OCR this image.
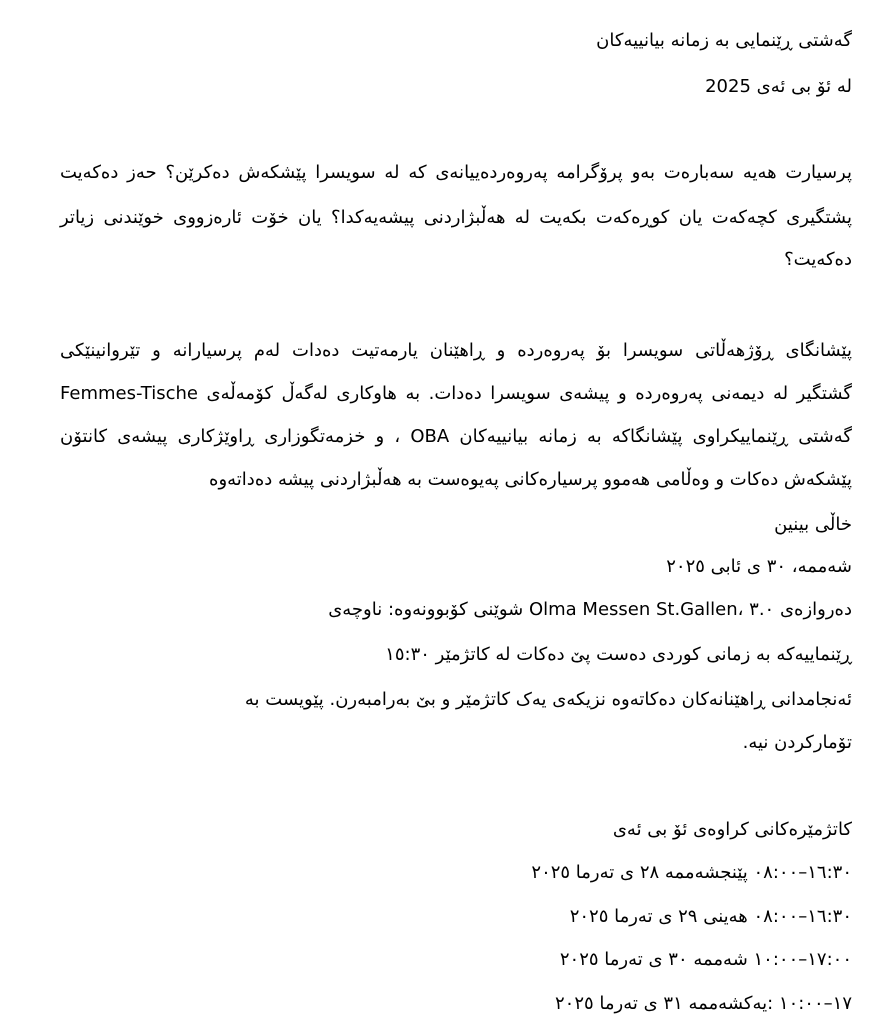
گەشتی ڕێنمایی بە زمانە بیانییەکان

لە ئۆ بی ئەی 2025

پرسیارت هەیە سەبارەت بەو پرۆگرامە پەروەردەییانەی کە لە سویسرا پێشکەش دەکرێن؟ حەز دەکەیت

پشتگیری کچەکەت یان کوڕەکەت بکەیت لە هەڵبژاردنی پیشەیەکدا؟ یان خۆت ئارەزووی خوێندنی زیاتر

دەکەیت؟

پێشانگای ڕۆژهەڵاتی سویسرا بۆ پەروەردە و ڕاهێنان یارمەتیت دەدات لەم پرسیارانە و تێروانینێکی

Femmes-Tische گشتگیر لە دیمەنی پەروەردە و پیشەی سویسرا دەدات. بە هاوکاری لەگەڵ کۆمەڵەی

گەشتی ڕێنماییکراوی پێشانگاکە بە زمانە بیانییەکان OBA ، و خزمەتگوزاری ڕاوێژکاری پیشەی کانتۆن

پێشکەش دەکات و وەڵامی هەموو پرسیارەکانی پەیوەست بە هەڵبژاردنی پیشە دەداتەوە

خاڵی بینین

شەممە، ٣٠ ی ئابی ٢٠٢٥

دەروازەی ٣.٠ ،Olma Messen St.Gallen شوێنی کۆبوونەوە: ناوچەی

ڕێنماییەکە بە زمانی کوردی دەست پێ دەکات لە کاتژمێر ١٥:٣٠

ئەنجامدانی ڕاهێنانەکان دەکاتەوە نزیکەی یەک کاتژمێر و بێ بەرامبەرن. پێویست بە

تۆمارکردن نیە.

کاتژمێرەکانی کراوەی ئۆ بی ئەی

١٦:٣٠–٠٨:٠٠ پێنجشەممە ٢٨ ی تەرما ٢٠٢٥

١٦:٣٠–٠٨:٠٠ هەینی ٢٩ ی تەرما ٢٠٢٥

١٧:٠٠–١٠:٠٠ شەممە ٣٠ ی تەرما ٢٠٢٥

١٧–١٠:٠٠ :یەکشەممە ٣١ ی تەرما ٢٠٢٥
